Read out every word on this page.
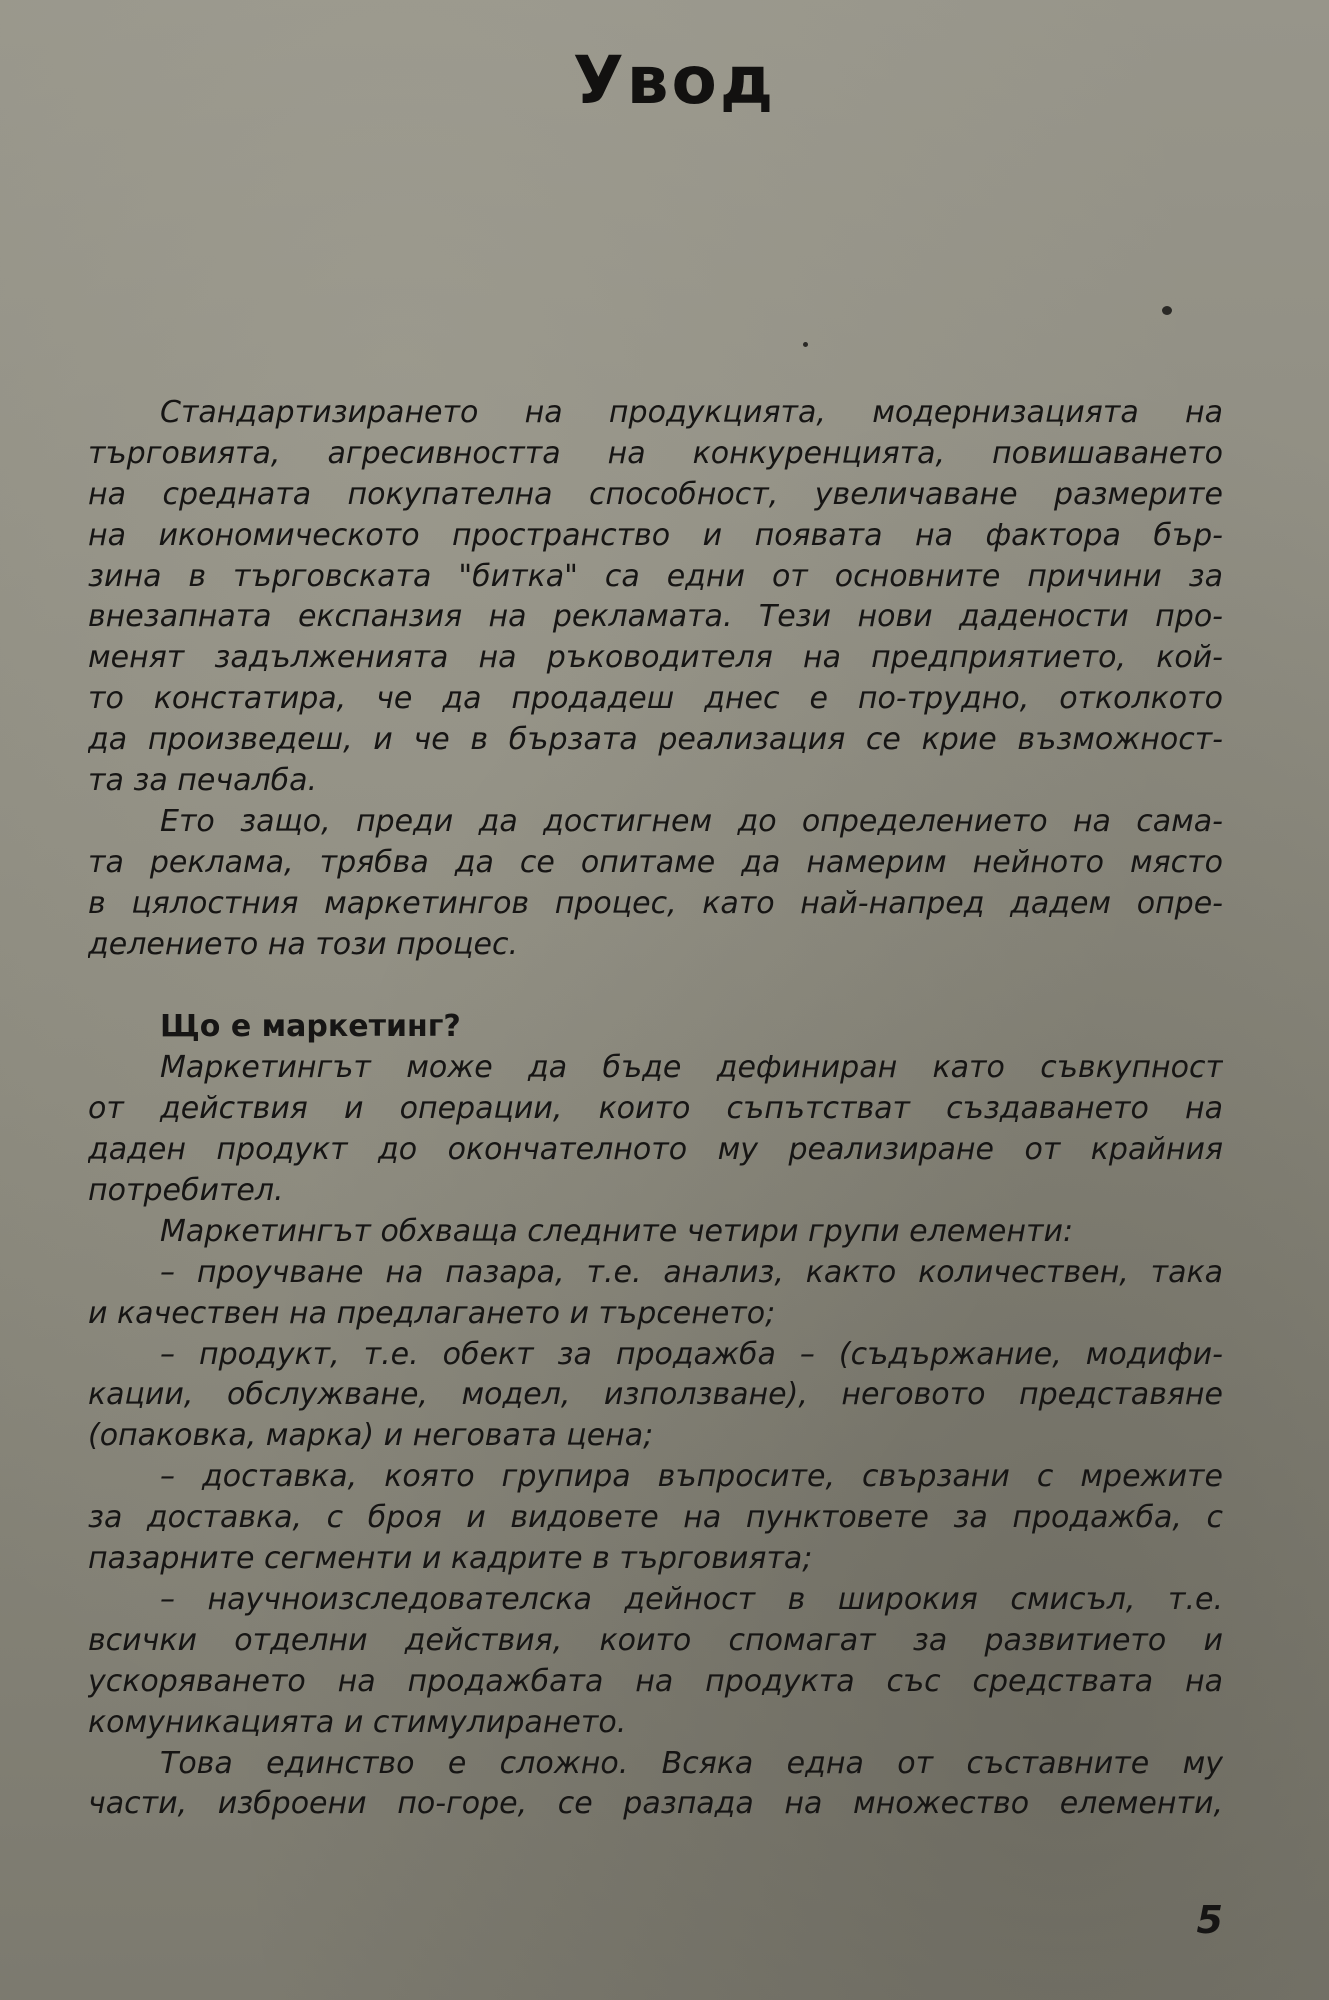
Увод
Стандартизирането на продукцията, модернизацията на
търговията, агресивността на конкуренцията, повишаването
на средната покупателна способност, увеличаване размерите
на икономическото пространство и появата на фактора бър-
зина в търговската "битка" са едни от основните причини за
внезапната експанзия на рекламата. Тези нови дадености про-
менят задълженията на ръководителя на предприятието, кой-
то констатира, че да продадеш днес е по-трудно, отколкото
да произведеш, и че в бързата реализация се крие възможност-
та за печалба.
Ето защо, преди да достигнем до определението на сама-
та реклама, трябва да се опитаме да намерим нейното място
в цялостния маркетингов процес, като най-напред дадем опре-
делението на този процес.
Що е маркетинг?
Маркетингът може да бъде дефиниран като съвкупност
от действия и операции, които съпътстват създаването на
даден продукт до окончателното му реализиране от крайния
потребител.
Маркетингът обхваща следните четири групи елементи:
– проучване на пазара, т.е. анализ, както количествен, така
и качествен на предлагането и търсенето;
– продукт, т.е. обект за продажба – (съдържание, модифи-
кации, обслужване, модел, използване), неговото представяне
(опаковка, марка) и неговата цена;
– доставка, която групира въпросите, свързани с мрежите
за доставка, с броя и видовете на пунктовете за продажба, с
пазарните сегменти и кадрите в търговията;
– научноизследователска дейност в широкия смисъл, т.е.
всички отделни действия, които спомагат за развитието и
ускоряването на продажбата на продукта със средствата на
комуникацията и стимулирането.
Това единство е сложно. Всяка една от съставните му
части, изброени по-горе, се разпада на множество елементи,
5
